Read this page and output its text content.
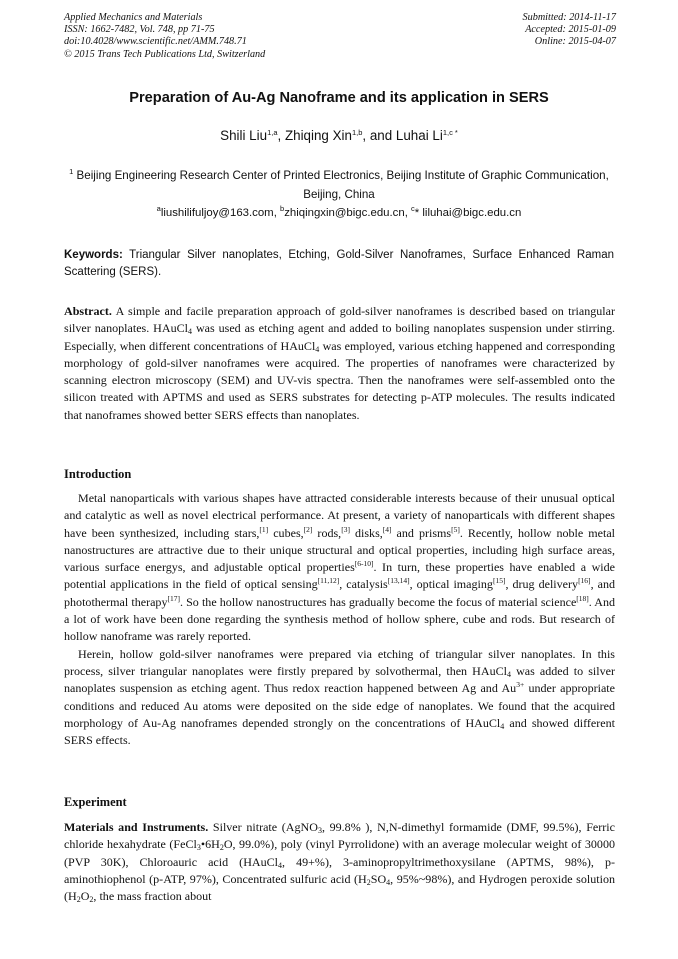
Applied Mechanics and Materials
ISSN: 1662-7482, Vol. 748, pp 71-75
doi:10.4028/www.scientific.net/AMM.748.71
© 2015 Trans Tech Publications Ltd, Switzerland
Submitted: 2014-11-17
Accepted: 2015-01-09
Online: 2015-04-07
Preparation of Au-Ag Nanoframe and its application in SERS
Shili Liu$^{1,a}$, Zhiqing Xin$^{1,b}$, and Luhai $Li^{1,c *}$
$^1$ Beijing Engineering Research Center of Printed Electronics, Beijing Institute of Graphic Communication, Beijing, China
$^a$liushilifuljoy@163.com, $^b$zhiqingxin@bigc.edu.cn, $^c$* liluhai@bigc.edu.cn
Keywords: Triangular Silver nanoplates, Etching, Gold-Silver Nanoframes, Surface Enhanced Raman Scattering (SERS).

Abstract. A simple and facile preparation approach of gold-silver nanoframes is described based on triangular silver nanoplates. HAuCl$_4$ was used as etching agent and added to boiling nanoplates suspension under stirring. Especially, when different concentrations of HAuCl$_4$ was employed, various etching happened and corresponding morphology of gold-silver nanoframes were acquired. The properties of nanoframes were characterized by scanning electron microscopy (SEM) and UV-vis spectra. Then the nanoframes were self-assembled onto the silicon treated with APTMS and used as SERS substrates for detecting p-ATP molecules. The results indicated that nanoframes showed better SERS effects than nanoplates.

Introduction

Metal nanoparticals with various shapes have attracted considerable interests because of their unusual optical and catalytic as well as novel electrical performance. At present, a variety of nanoparticals with different shapes have been synthesized, including stars,[1] cubes,[2] rods,[3] disks,[4] and prisms[5]. Recently, hollow noble metal nanostructures are attractive due to their unique structural and optical properties, including high surface areas, various surface energys, and adjustable optical properties[6-10]. In turn, these properties have enabled a wide potential applications in the field of optical sensing[11,12], catalysis[13,14], optical imaging[15], drug delivery[16], and photothermal therapy[17]. So the hollow nanostructures has gradually become the focus of material science[18]. And a lot of work have been done regarding the synthesis method of hollow sphere, cube and rods. But research of hollow nanoframe was rarely reported.

Herein, hollow gold-silver nanoframes were prepared via etching of triangular silver nanoplates. In this process, silver triangular nanoplates were firstly prepared by solvothermal, then HAuCl$_4$ was added to silver nanoplates suspension as etching agent. Thus redox reaction happened between Ag and $Au^{3+}$ under appropriate conditions and reduced Au atoms were deposited on the side edge of nanoplates. We found that the acquired morphology of Au-Ag nanoframes depended strongly on the concentrations of HAuCl$_4$ and showed different SERS effects.

Experiment

Materials and Instruments. Silver nitrate (AgNO$_3$, 99.8% ), N,N-dimethyl formamide (DMF, 99.5%), Ferric chloride hexahydrate ($FeCl_3•6H_2O$, 99.0%), poly (vinyl Pyrrolidone) with an average molecular weight of 30000 (PVP 30K), Chloroauric acid (HAuCl$_4$, 49+%), 3-aminopropyltrimethoxysilane (APTMS, 98%), p-aminothiophenol (p-ATP, 97%), Concentrated sulfuric acid ($H_2SO_4$, 95%~98%), and Hydrogen peroxide solution ($H_2O_2$, the mass fraction about
